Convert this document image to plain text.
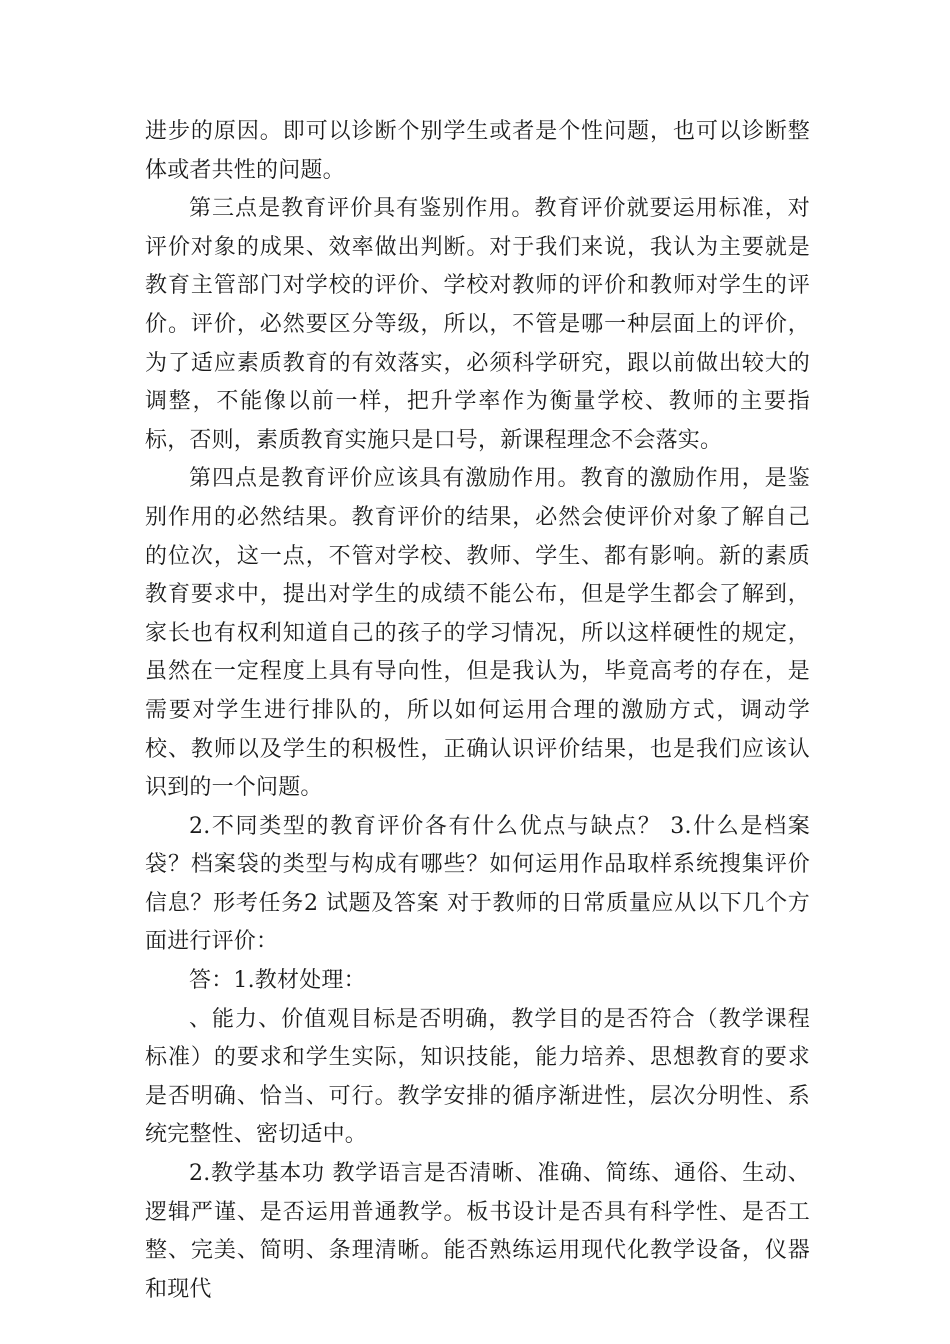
进步的原因。即可以诊断个别学生或者是个性问题，也可以诊断整体或者共性的问题。

第三点是教育评价具有鉴别作用。教育评价就要运用标准，对评价对象的成果、效率做出判断。对于我们来说，我认为主要就是教育主管部门对学校的评价、学校对教师的评价和教师对学生的评价。评价，必然要区分等级，所以，不管是哪一种层面上的评价，为了适应素质教育的有效落实，必须科学研究，跟以前做出较大的调整，不能像以前一样，把升学率作为衡量学校、教师的主要指标，否则，素质教育实施只是口号，新课程理念不会落实。

第四点是教育评价应该具有激励作用。教育的激励作用，是鉴别作用的必然结果。教育评价的结果，必然会使评价对象了解自己的位次，这一点，不管对学校、教师、学生、都有影响。新的素质教育要求中，提出对学生的成绩不能公布，但是学生都会了解到，家长也有权利知道自己的孩子的学习情况，所以这样硬性的规定，虽然在一定程度上具有导向性，但是我认为，毕竟高考的存在，是需要对学生进行排队的，所以如何运用合理的激励方式，调动学校、教师以及学生的积极性，正确认识评价结果，也是我们应该认识到的一个问题。

2.不同类型的教育评价各有什么优点与缺点？ 3.什么是档案袋？档案袋的类型与构成有哪些？如何运用作品取样系统搜集评价信息？形考任务2 试题及答案 对于教师的日常质量应从以下几个方面进行评价：

答：1.教材处理：

、能力、价值观目标是否明确，教学目的是否符合（教学课程标准）的要求和学生实际，知识技能，能力培养、思想教育的要求是否明确、恰当、可行。教学安排的循序渐进性，层次分明性、系统完整性、密切适中。

2.教学基本功 教学语言是否清晰、准确、简练、通俗、生动、逻辑严谨、是否运用普通教学。板书设计是否具有科学性、是否工整、完美、简明、条理清晰。能否熟练运用现代化教学设备，仪器和现代
